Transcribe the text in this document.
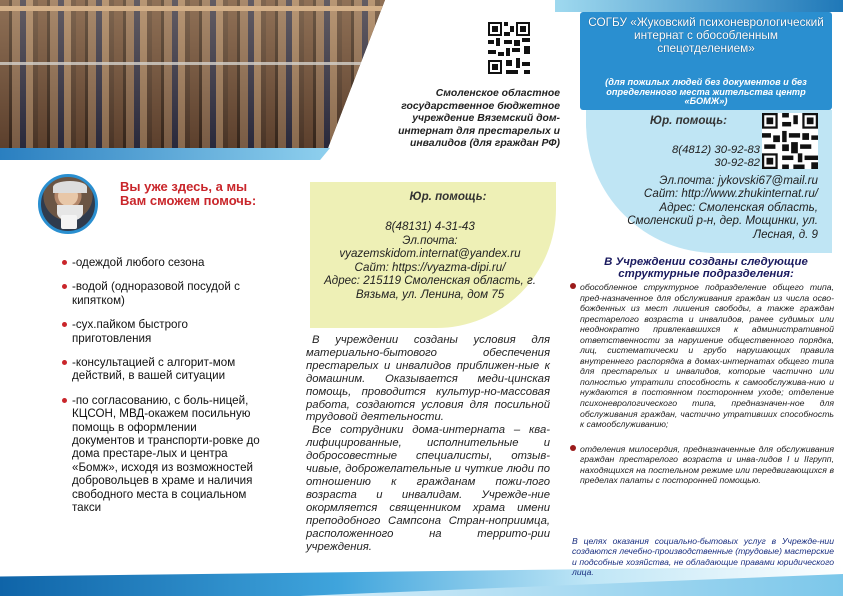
Вы уже здесь, а мы Вам сможем помочь:
-одеждой любого сезона
-водой (одноразовой посудой с кипятком)
-сух.пайком быстрого приготовления
-консультацией с алгорит-мом действий, в вашей ситуации
-по согласованию, с боль-ницей, КЦСОН, МВД-окажем посильную помощь в оформлении документов и транспорти-ровке до дома престаре-лых и центра «Бомж», исходя из возможностей добровольцев в храме и наличия свободного места в социальном такси
Смоленское областное государственное бюджетное учреждение Вяземский дом-интернат для престарелых и инвалидов (для граждан РФ)
Юр. помощь:
8(48131) 4-31-43
Эл.почта:
vyazemskidom.internat@yandex.ru
Сайт: https://vyazma-dipi.ru/
Адрес: 215119 Смоленская область, г. Вязьма, ул. Ленина, дом 75

В учреждении созданы условия для материально-бытового обеспечения престарелых и инвалидов приближен-ные к домашним. Оказывается меди-цинская помощь, проводится культур-но-массовая работа, создаются условия для посильной трудовой деятельности.

Все сотрудники дома-интерната – ква-лифицированные, исполнительные и добросовестные специалисты, отзыв-чивые, доброжелательные и чуткие люди по отношению к гражданам пожи-лого возраста и инвалидам. Учрежде-ние окормляется священником храма имени преподобного Сампсона Стран-ноприимца, расположенного на террито-рии учреждения.

СОГБУ «Жуковский психоневрологический интернат с обособленным спецотделением»
(для пожилых людей без документов и без определенного места жительства центр «БОМЖ»)
Юр. помощь:
8(4812) 30-92-83
30-92-82
Эл.почта: jykovski67@mail.ru
Сайт: http://www.zhukinternat.ru/
Адрес: Смоленская область, Смоленский р-н, дер. Мощинки, ул. Лесная, д. 9
В Учреждении созданы следующие структурные подразделения:
обособленное структурное подразделение общего типа, пред-назначенное для обслуживания граждан из числа осво-божденных из мест лишения свободы, а также граждан престарелого возраста и инвалидов, ранее судимых или неоднократно привлекавшихся к административной ответственности за нарушение общественного порядка, лиц, систематически и грубо нарушающих правила внутреннего распорядка в домах-интернатах общего типа для престарелых и инвалидов, которые частично или полностью утратили способность к самообслужива-нию и нуждаются в постоянном постороннем уходе; отделение психоневрологического типа, предназначен-ное для обслуживания граждан, частично утративших способность к самообслуживанию;
отделения милосердия, предназначенные для обслуживания граждан престарелого возраста и инва-лидов I и IIгрупп, находящихся на постельном режиме или передвигающихся в пределах палаты с посторонней помощью.
В целях оказания социально-бытовых услуг в Учрежде-нии создаются лечебно-производственные (трудовые) мастерские и подсобные хозяйства, не обладающие правами юридического лица.
